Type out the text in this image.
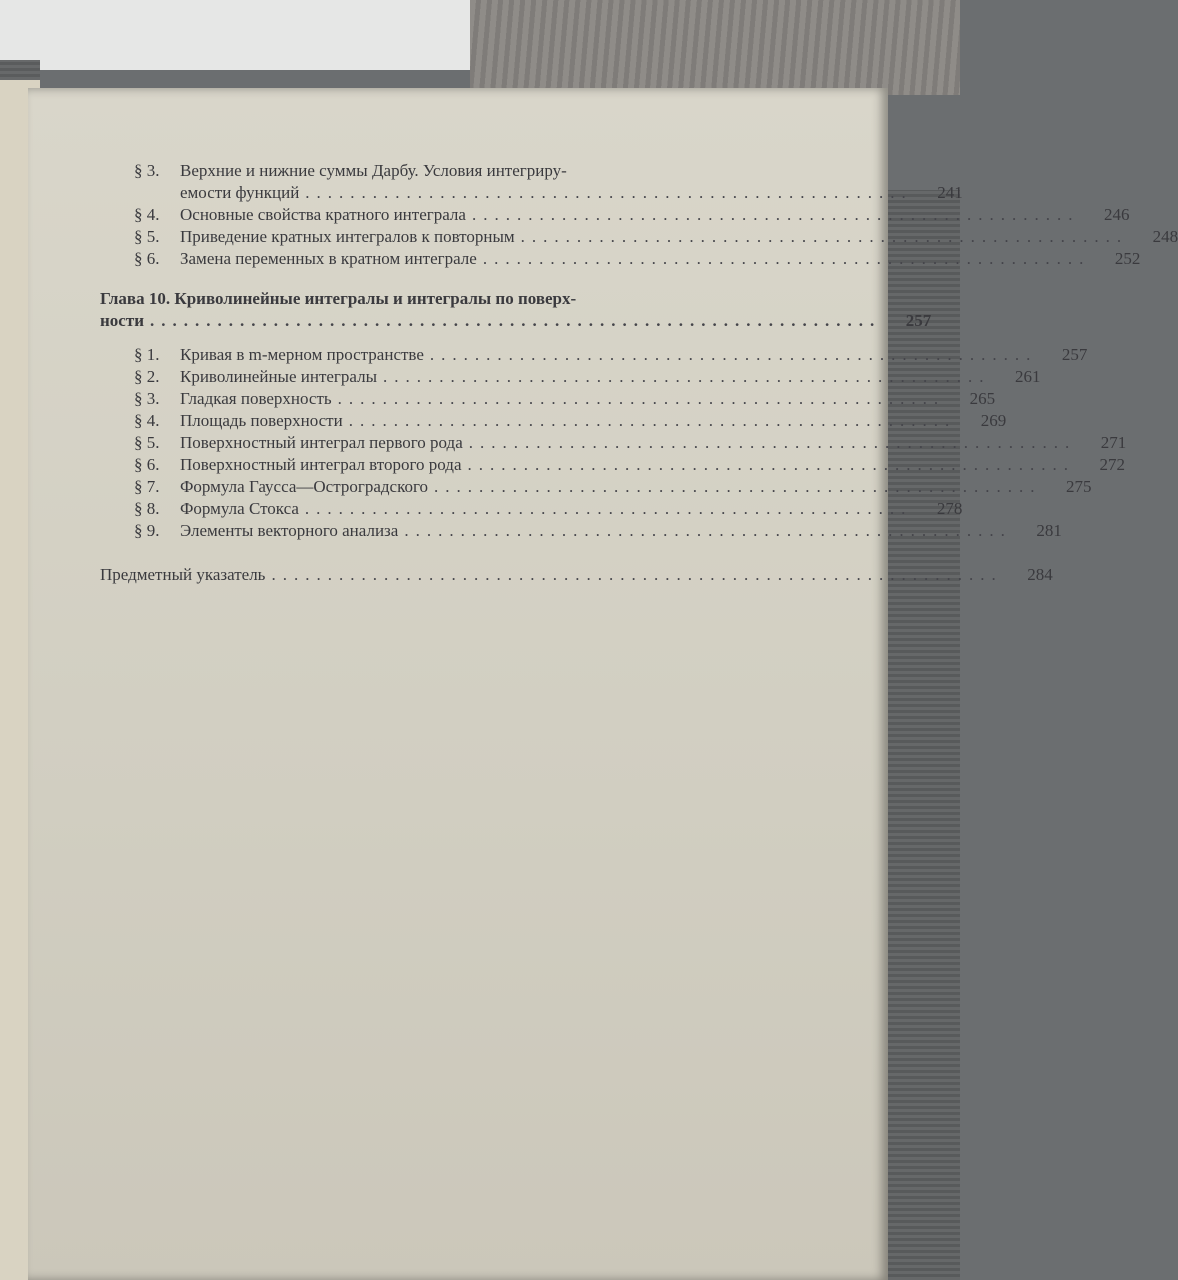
§ 3.	Верхние и нижние суммы Дарбу. Условия интегриру-
емости функций ......................................................	241
§ 4.	Основные свойства кратного интеграла ......................................................	246
§ 5.	Приведение кратных интегралов к повторным ......................................................	248
§ 6.	Замена переменных в кратном интеграле ......................................................	252
Глава 10. Криволинейные интегралы и интегралы по поверх-
ности .................................................................	257
§ 1.	Кривая в m-мерном пространстве ......................................................	257
§ 2.	Криволинейные интегралы ......................................................	261
§ 3.	Гладкая поверхность ......................................................	265
§ 4.	Площадь поверхности ......................................................	269
§ 5.	Поверхностный интеграл первого рода ......................................................	271
§ 6.	Поверхностный интеграл второго рода ......................................................	272
§ 7.	Формула Гаусса—Остроградского ......................................................	275
§ 8.	Формула Стокса ......................................................	278
§ 9.	Элементы векторного анализа ......................................................	281
Предметный указатель .................................................................	284
